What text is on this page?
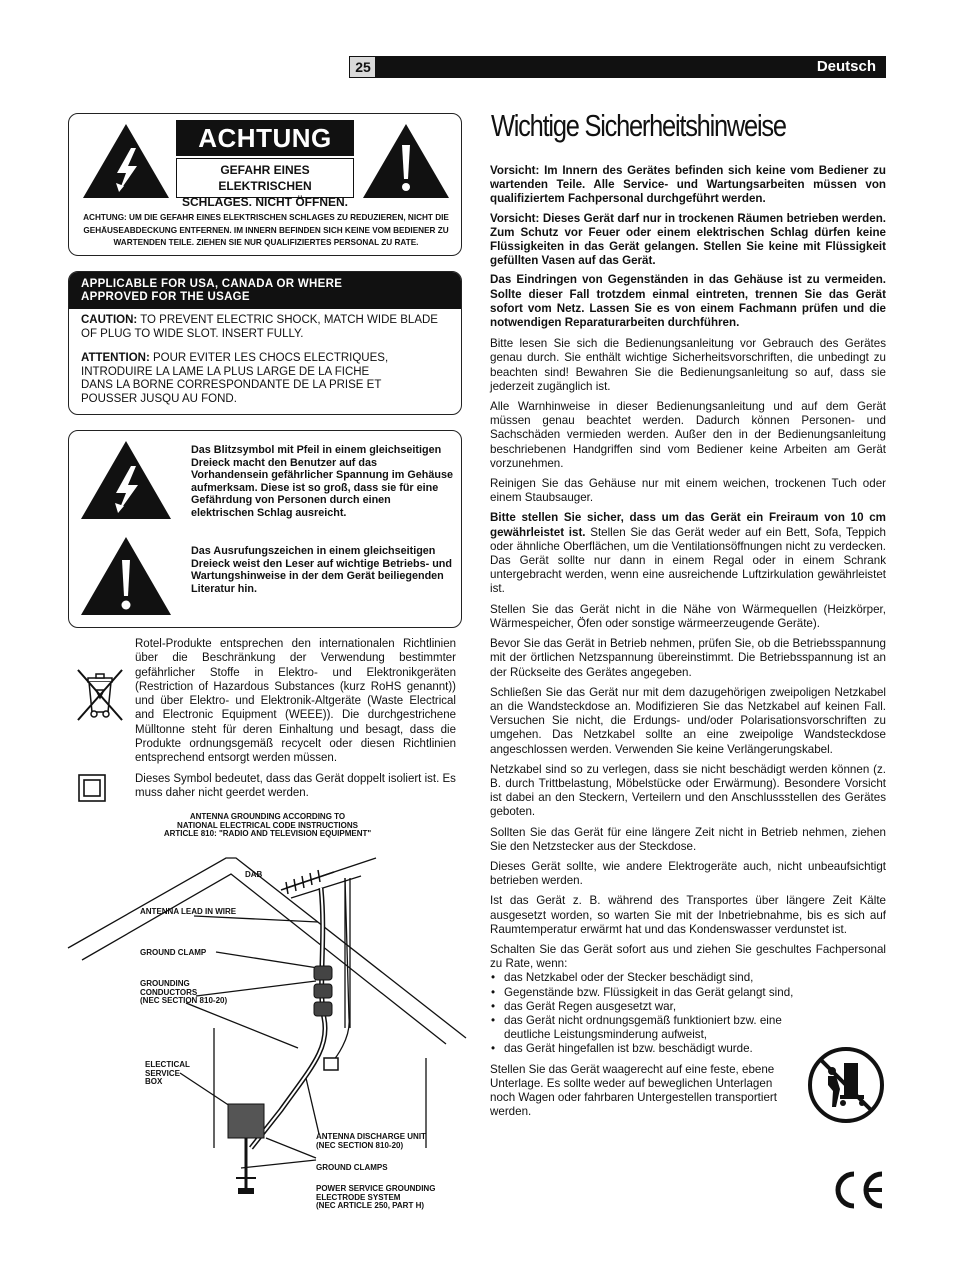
25	Deutsch
ACHTUNG
GEFAHR EINES ELEKTRISCHEN
SCHLAGES. NICHT ÖFFNEN.
ACHTUNG: UM DIE GEFAHR EINES ELEKTRISCHEN SCHLAGES ZU REDUZIEREN, NICHT DIE
GEHÄUSEABDECKUNG ENTFERNEN. IM INNERN BEFINDEN SICH KEINE VOM BEDIENER ZU
WARTENDEN TEILE. ZIEHEN SIE NUR QUALIFIZIERTES PERSONAL ZU RATE.
APPLICABLE FOR USA, CANADA OR WHERE
APPROVED FOR THE USAGE
CAUTION: TO PREVENT ELECTRIC SHOCK, MATCH WIDE BLADE
OF PLUG TO WIDE SLOT. INSERT FULLY.
ATTENTION: POUR EVITER LES CHOCS ELECTRIQUES,
INTRODUIRE LA LAME LA PLUS LARGE DE LA FICHE
DANS LA BORNE CORRESPONDANTE DE LA PRISE ET
POUSSER JUSQU AU FOND.
Das Blitzsymbol mit Pfeil in einem gleichseitigen Dreieck macht den Benutzer auf das Vorhandensein gefährlicher Spannung im Gehäuse aufmerksam. Diese ist so groß, dass sie für eine Gefährdung von Personen durch einen elektrischen Schlag ausreicht.
Das Ausrufungszeichen in einem gleichseitigen Dreieck weist den Leser auf wichtige Betriebs- und Wartungshinweise in der dem Gerät beiliegenden Literatur hin.
Rotel-Produkte entsprechen den internationalen Richtlinien über die Beschränkung der Verwendung bestimmter gefährlicher Stoffe in Elektro- und Elektronikgeräten (Restriction of Hazardous Substances (kurz RoHS genannt)) und über Elektro- und Elektronik-Altgeräte (Waste Electrical and Electronic Equipment (WEEE)). Die durchgestrichene Mülltonne steht für deren Einhaltung und besagt, dass die Produkte ordnungsgemäß recycelt oder diesen Richtlinien entsprechend entsorgt werden müssen.
Dieses Symbol bedeutet, dass das Gerät doppelt isoliert ist. Es muss daher nicht geerdet werden.
ANTENNA GROUNDING ACCORDING TO
NATIONAL ELECTRICAL CODE INSTRUCTIONS
ARTICLE 810: "RADIO AND TELEVISION EQUIPMENT"
DAB
ANTENNA LEAD IN WIRE
GROUND CLAMP
GROUNDING
CONDUCTORS
(NEC SECTION 810-20)
ELECTICAL
SERVICE
BOX
ANTENNA DISCHARGE UNIT
(NEC SECTION 810-20)
GROUND CLAMPS
POWER SERVICE GROUNDING
ELECTRODE SYSTEM
(NEC ARTICLE 250, PART H)
Wichtige Sicherheitshinweise
Vorsicht: Im Innern des Gerätes befinden sich keine vom Bediener zu wartenden Teile. Alle Service- und Wartungsarbeiten müssen von qualifiziertem Fachpersonal durchgeführt werden.
Vorsicht: Dieses Gerät darf nur in trockenen Räumen betrieben werden. Zum Schutz vor Feuer oder einem elektrischen Schlag dürfen keine Flüssigkeiten in das Gerät gelangen. Stellen Sie keine mit Flüssigkeit gefüllten Vasen auf das Gerät.
Das Eindringen von Gegenständen in das Gehäuse ist zu vermeiden. Sollte dieser Fall trotzdem einmal eintreten, trennen Sie das Gerät sofort vom Netz. Lassen Sie es von einem Fachmann prüfen und die notwendigen Reparaturarbeiten durchführen.
Bitte lesen Sie sich die Bedienungsanleitung vor Gebrauch des Gerätes genau durch. Sie enthält wichtige Sicherheitsvorschriften, die unbedingt zu beachten sind! Bewahren Sie die Bedienungsanleitung so auf, dass sie jederzeit zugänglich ist.
Alle Warnhinweise in dieser Bedienungsanleitung und auf dem Gerät müssen genau beachtet werden. Dadurch können Personen- und Sachschäden vermieden werden. Außer den in der Bedienungsanleitung beschriebenen Handgriffen sind vom Bediener keine Arbeiten am Gerät vorzunehmen.
Reinigen Sie das Gehäuse nur mit einem weichen, trockenen Tuch oder einem Staubsauger.
Bitte stellen Sie sicher, dass um das Gerät ein Freiraum von 10 cm gewährleistet ist. Stellen Sie das Gerät weder auf ein Bett, Sofa, Teppich oder ähnliche Oberflächen, um die Ventilationsöffnungen nicht zu verdecken. Das Gerät sollte nur dann in einem Regal oder in einem Schrank untergebracht werden, wenn eine ausreichende Luftzirkulation gewährleistet ist.
Stellen Sie das Gerät nicht in die Nähe von Wärmequellen (Heizkörper, Wärmespeicher, Öfen oder sonstige wärmeerzeugende Geräte).
Bevor Sie das Gerät in Betrieb nehmen, prüfen Sie, ob die Betriebsspannung mit der örtlichen Netzspannung übereinstimmt. Die Betriebsspannung ist an der Rückseite des Gerätes angegeben.
Schließen Sie das Gerät nur mit dem dazugehörigen zweipoligen Netzkabel an die Wandsteckdose an. Modifizieren Sie das Netzkabel auf keinen Fall. Versuchen Sie nicht, die Erdungs- und/oder Polarisationsvorschriften zu umgehen. Das Netzkabel sollte an eine zweipolige Wandsteckdose angeschlossen werden. Verwenden Sie keine Verlängerungskabel.
Netzkabel sind so zu verlegen, dass sie nicht beschädigt werden können (z. B. durch Trittbelastung, Möbelstücke oder Erwärmung). Besondere Vorsicht ist dabei an den Steckern, Verteilern und den Anschlussstellen des Gerätes geboten.
Sollten Sie das Gerät für eine längere Zeit nicht in Betrieb nehmen, ziehen Sie den Netzstecker aus der Steckdose.
Dieses Gerät sollte, wie andere Elektrogeräte auch, nicht unbeaufsichtigt betrieben werden.
Ist das Gerät z. B. während des Transportes über längere Zeit Kälte ausgesetzt worden, so warten Sie mit der Inbetriebnahme, bis es sich auf Raumtemperatur erwärmt hat und das Kondenswasser verdunstet ist.
Schalten Sie das Gerät sofort aus und ziehen Sie geschultes Fachpersonal zu Rate, wenn:
• das Netzkabel oder der Stecker beschädigt sind,
• Gegenstände bzw. Flüssigkeit in das Gerät gelangt sind,
• das Gerät Regen ausgesetzt war,
• das Gerät nicht ordnungsgemäß funktioniert bzw. eine deutliche Leistungsminderung aufweist,
• das Gerät hingefallen ist bzw. beschädigt wurde.
Stellen Sie das Gerät waagerecht auf eine feste, ebene Unterlage. Es sollte weder auf beweglichen Unterlagen noch Wagen oder fahrbaren Untergestellen transportiert werden.
